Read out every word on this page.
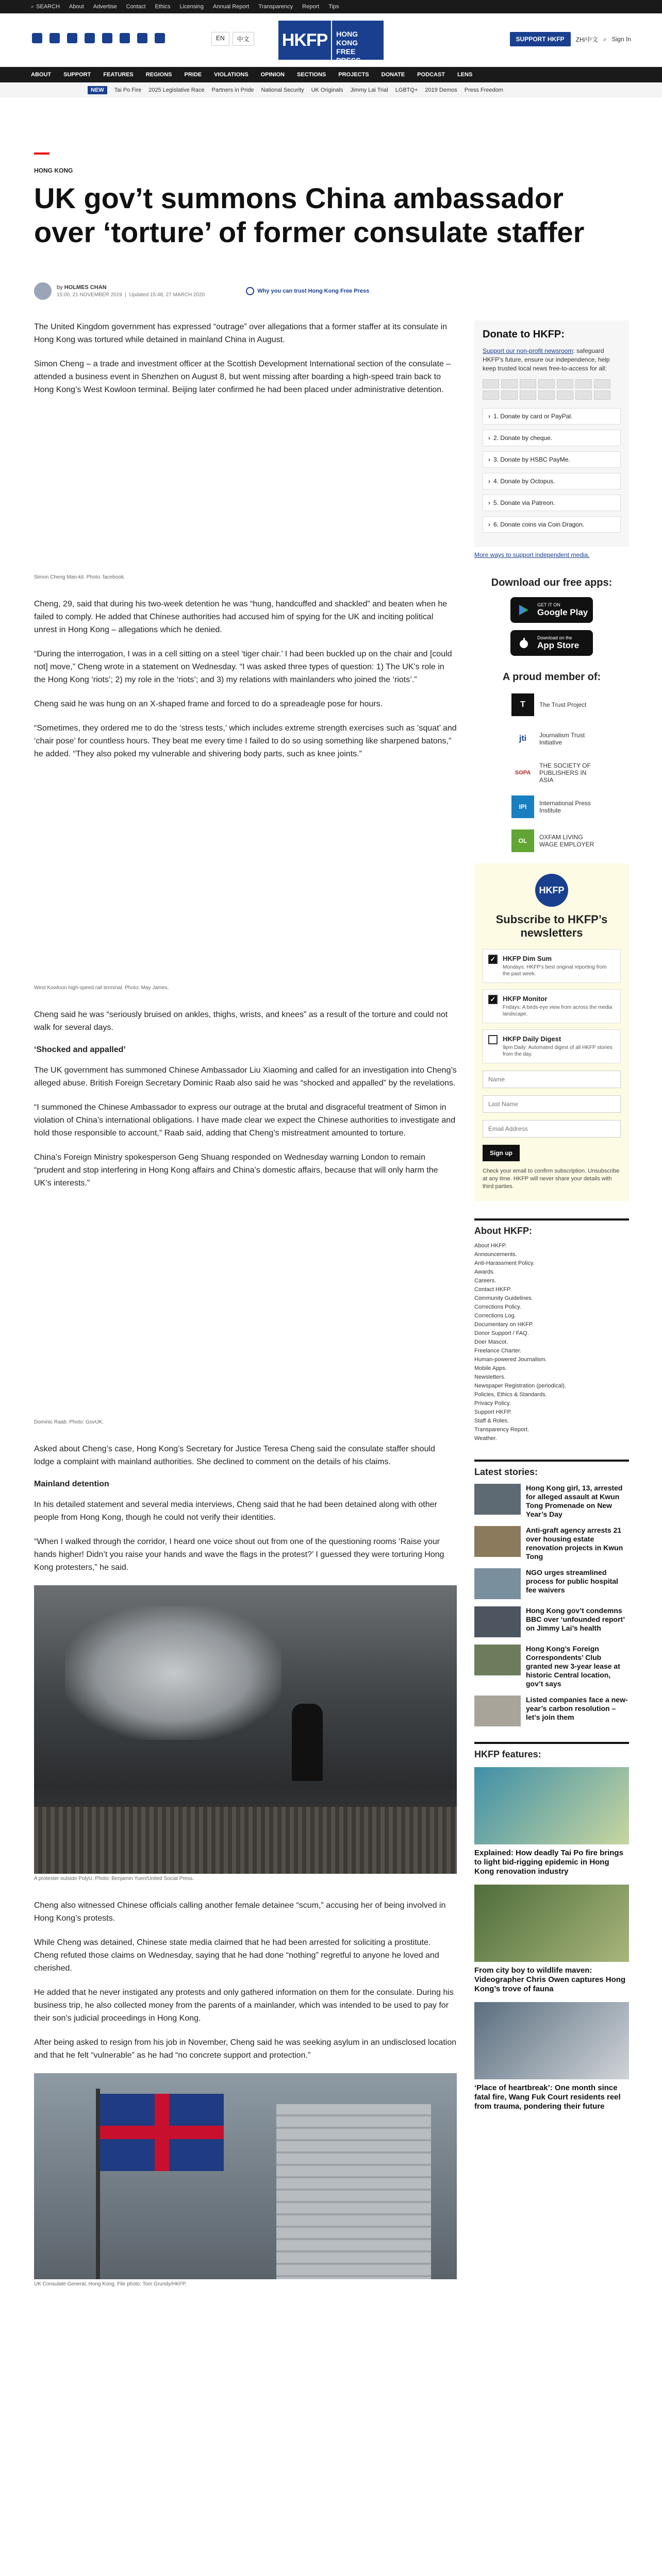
⌕ SEARCH About Advertise Contact Ethics Licensing Annual Report Transparency Report Tips
EN	中文 HKFP	HONG KONG
FREE PRESS
SUPPORT HKFP	ZH/中文 ⌕ Sign In
ABOUT SUPPORT FEATURES REGIONS PRIDE VIOLATIONS OPINION SECTIONS PROJECTS DONATE PODCAST LENS
NEW	Tai Po Fire 2025 Legislative Race Partners in Pride National Security UK Originals Jimmy Lai Trial LGBTQ+ 2019 Demos Press Freedom
HONG KONG
UK gov’t summons China ambassador over ‘torture’ of former consulate staffer
by HOLMES CHAN
15:00, 21 NOVEMBER 2019  |  Updated 15:48, 27 MARCH 2020
Why you can trust Hong Kong Free Press

The United Kingdom government has expressed “outrage” over allegations that a former staffer at its consulate in Hong Kong was tortured while detained in mainland China in August.

Simon Cheng – a trade and investment officer at the Scottish Development International section of the consulate – attended a business event in Shenzhen on August 8, but went missing after boarding a high-speed train back to Hong Kong’s West Kowloon terminal. Beijing later confirmed he had been placed under administrative detention.

Simon Cheng Man-kit. Photo: facebook.

Cheng, 29, said that during his two-week detention he was “hung, handcuffed and shackled” and beaten when he failed to comply. He added that Chinese authorities had accused him of spying for the UK and inciting political unrest in Hong Kong – allegations which he denied.

“During the interrogation, I was in a cell sitting on a steel ‘tiger chair.’ I had been buckled up on the chair and [could not] move,” Cheng wrote in a statement on Wednesday. “I was asked three types of question: 1) The UK’s role in the Hong Kong ‘riots’; 2) my role in the ‘riots’; and 3) my relations with mainlanders who joined the ‘riots’.”

Cheng said he was hung on an X-shaped frame and forced to do a spreadeagle pose for hours.

“Sometimes, they ordered me to do the ‘stress tests,’ which includes extreme strength exercises such as ‘squat’ and ‘chair pose’ for countless hours. They beat me every time I failed to do so using something like sharpened batons,” he added. “They also poked my vulnerable and shivering body parts, such as knee joints.”

West Kowloon high-speed rail terminal. Photo: May James.

Cheng said he was “seriously bruised on ankles, thighs, wrists, and knees” as a result of the torture and could not walk for several days.

‘Shocked and appalled’

The UK government has summoned Chinese Ambassador Liu Xiaoming and called for an investigation into Cheng’s alleged abuse. British Foreign Secretary Dominic Raab also said he was “shocked and appalled” by the revelations.

“I summoned the Chinese Ambassador to express our outrage at the brutal and disgraceful treatment of Simon in violation of China’s international obligations. I have made clear we expect the Chinese authorities to investigate and hold those responsible to account,” Raab said, adding that Cheng’s mistreatment amounted to torture.

China’s Foreign Ministry spokesperson Geng Shuang responded on Wednesday warning London to remain “prudent and stop interfering in Hong Kong affairs and China’s domestic affairs, because that will only harm the UK’s interests.”

Dominic Raab. Photo: GovUK.

Asked about Cheng’s case, Hong Kong’s Secretary for Justice Teresa Cheng said the consulate staffer should lodge a complaint with mainland authorities. She declined to comment on the details of his claims.

Mainland detention

In his detailed statement and several media interviews, Cheng said that he had been detained along with other people from Hong Kong, though he could not verify their identities.

“When I walked through the corridor, I heard one voice shout out from one of the questioning rooms ‘Raise your hands higher! Didn’t you raise your hands and wave the flags in the protest?’ I guessed they were torturing Hong Kong protesters,” he said.

A protester outside PolyU. Photo: Benjamin Yuen/United Social Press.

Cheng also witnessed Chinese officials calling another female detainee “scum,” accusing her of being involved in Hong Kong’s protests.

While Cheng was detained, Chinese state media claimed that he had been arrested for soliciting a prostitute. Cheng refuted those claims on Wednesday, saying that he had done “nothing” regretful to anyone he loved and cherished.

He added that he never instigated any protests and only gathered information on them for the consulate. During his business trip, he also collected money from the parents of a mainlander, which was intended to be used to pay for their son’s judicial proceedings in Hong Kong.

After being asked to resign from his job in November, Cheng said he was seeking asylum in an undisclosed location and that he felt “vulnerable” as he had “no concrete support and protection.”

UK Consulate General, Hong Kong. File photo: Tom Grundy/HKFP.
Donate to HKFP:
Support our non-profit newsroom: safeguard HKFP’s future, ensure our independence, help keep trusted local news free-to-access for all:
› 1. Donate by card or PayPal.
› 2. Donate by cheque.
› 3. Donate by HSBC PayMe.
› 4. Donate by Octopus.
› 5. Donate via Patreon.
› 6. Donate coins via Coin Dragon.
More ways to support independent media.
Download our free apps:
GET IT ON
Google Play
Download on the
App Store
A proud member of:
T	The Trust Project
jti	Journalism Trust Initiative
SOPA
THE SOCIETY OF PUBLISHERS IN ASIA
IPI	International Press Institute
OL	OXFAM LIVING WAGE EMPLOYER
HKFP
Subscribe to HKFP’s newsletters
✓ HKFP Dim Sum
Mondays: HKFP’s best original reporting from the past week.
✓ HKFP Monitor
Fridays: A birds-eye view from across the media landscape.
HKFP Daily Digest
9pm Daily: Automated digest of all HKFP stories from the day.
Name
Last Name
Email Address Sign up
Check your email to confirm subscription. Unsubscribe at any time. HKFP will never share your details with third parties.
About HKFP:
About HKFP.
Announcements.
Anti-Harassment Policy.
Awards.
Careers.
Contact HKFP.
Community Guidelines.
Corrections Policy.
Corrections Log.
Documentary on HKFP.
Donor Support / FAQ.
Doer Mascot.
Freelance Charter.
Human-powered Journalism.
Mobile Apps.
Newsletters.
Newspaper Registration (periodical).
Policies, Ethics & Standards.
Privacy Policy.
Support HKFP.
Staff & Roles.
Transparency Report.
Weather.
Latest stories:
Hong Kong girl, 13, arrested for alleged assault at Kwun Tong Promenade on New Year’s Day
Anti-graft agency arrests 21 over housing estate renovation projects in Kwun Tong
NGO urges streamlined process for public hospital fee waivers
Hong Kong gov’t condemns BBC over ‘unfounded report’ on Jimmy Lai’s health
Hong Kong’s Foreign Correspondents’ Club granted new 3-year lease at historic Central location, gov’t says
Listed companies face a new-year’s carbon resolution – let’s join them
HKFP features:
Explained: How deadly Tai Po fire brings to light bid-rigging epidemic in Hong Kong renovation industry
From city boy to wildlife maven: Videographer Chris Owen captures Hong Kong’s trove of fauna
‘Place of heartbreak’: One month since fatal fire, Wang Fuk Court residents reel from trauma, pondering their future
